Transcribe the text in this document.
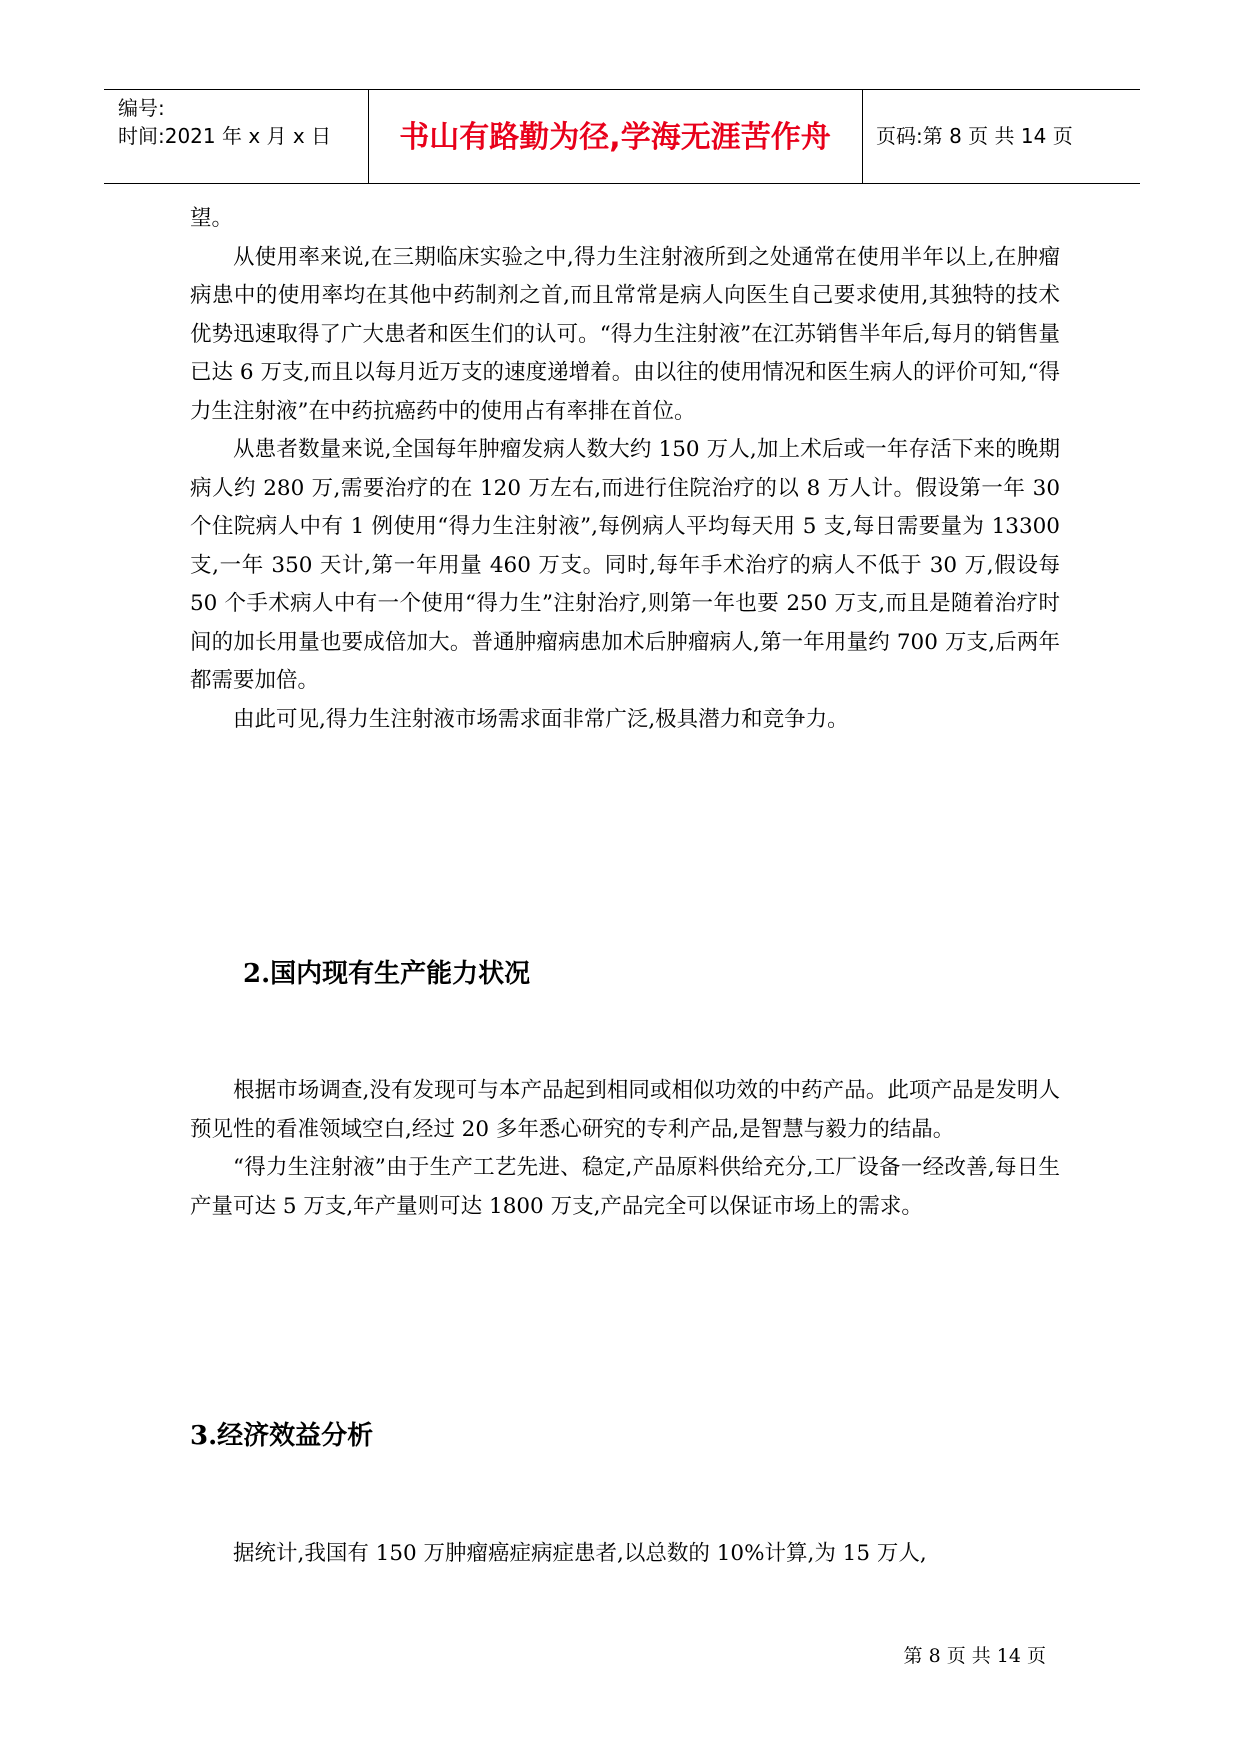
编号:
时间:2021 年 x 月 x 日	书山有路勤为径,学海无涯苦作舟	页码:第 8 页 共 14 页

望。

从使用率来说,在三期临床实验之中,得力生注射液所到之处通常在使用半年以上,在肿瘤病患中的使用率均在其他中药制剂之首,而且常常是病人向医生自己要求使用,其独特的技术优势迅速取得了广大患者和医生们的认可。“得力生注射液”在江苏销售半年后,每月的销售量已达 6 万支,而且以每月近万支的速度递增着。由以往的使用情况和医生病人的评价可知,“得力生注射液”在中药抗癌药中的使用占有率排在首位。

从患者数量来说,全国每年肿瘤发病人数大约 150 万人,加上术后或一年存活下来的晚期病人约 280 万,需要治疗的在 120 万左右,而进行住院治疗的以 8 万人计。假设第一年 30 个住院病人中有 1 例使用“得力生注射液”,每例病人平均每天用 5 支,每日需要量为 13300 支,一年 350 天计,第一年用量 460 万支。同时,每年手术治疗的病人不低于 30 万,假设每 50 个手术病人中有一个使用“得力生”注射治疗,则第一年也要 250 万支,而且是随着治疗时间的加长用量也要成倍加大。普通肿瘤病患加术后肿瘤病人,第一年用量约 700 万支,后两年都需要加倍。

由此可见,得力生注射液市场需求面非常广泛,极具潜力和竞争力。

2.国内现有生产能力状况

根据市场调查,没有发现可与本产品起到相同或相似功效的中药产品。此项产品是发明人预见性的看准领域空白,经过 20 多年悉心研究的专利产品,是智慧与毅力的结晶。

“得力生注射液”由于生产工艺先进、稳定,产品原料供给充分,工厂设备一经改善,每日生产量可达 5 万支,年产量则可达 1800 万支,产品完全可以保证市场上的需求。

3.经济效益分析

据统计,我国有 150 万肿瘤癌症病症患者,以总数的 10%计算,为 15 万人,

第 8 页 共 14 页
